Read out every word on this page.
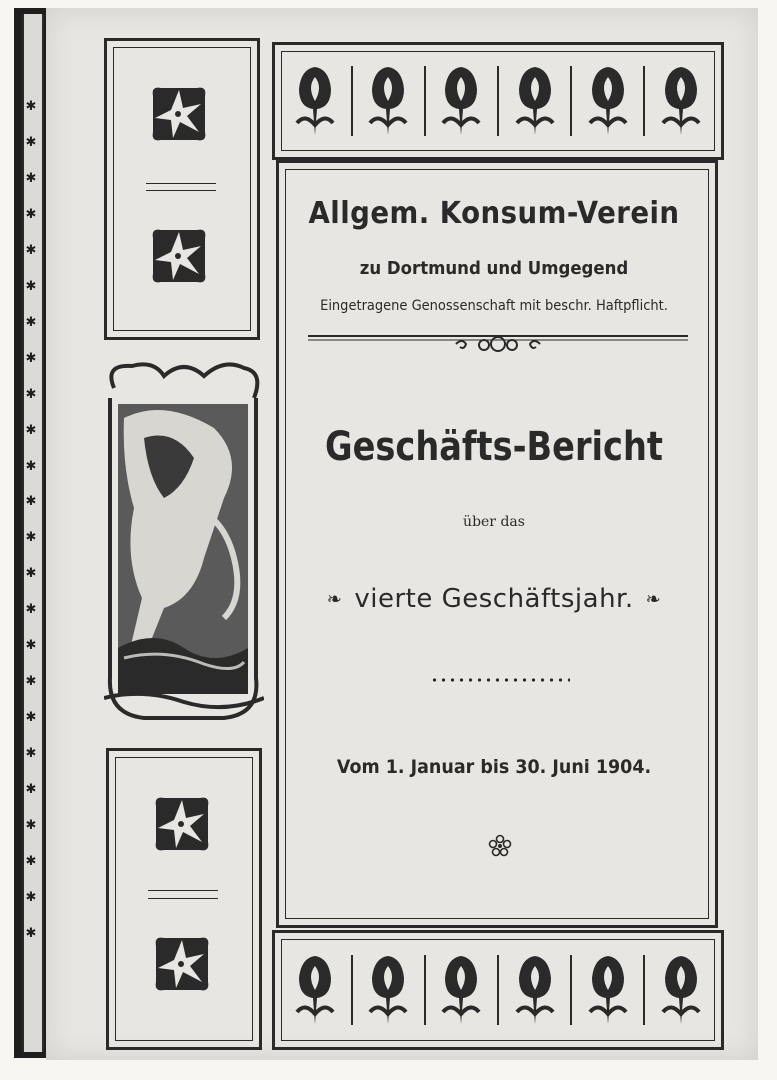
✱
✱
✱
✱
✱
✱
✱
✱
✱
✱
✱
✱
✱
✱
✱
✱
✱
✱
✱
✱
✱
✱
✱
✱
Allgem. Konsum-Verein
zu Dortmund und Umgegend
Eingetragene Genossenschaft mit beschr. Haftpflicht.
Geschäfts-Bericht
über das
❧ vierte Geschäftsjahr. ❧
Vom 1. Januar bis 30. Juni 1904.
